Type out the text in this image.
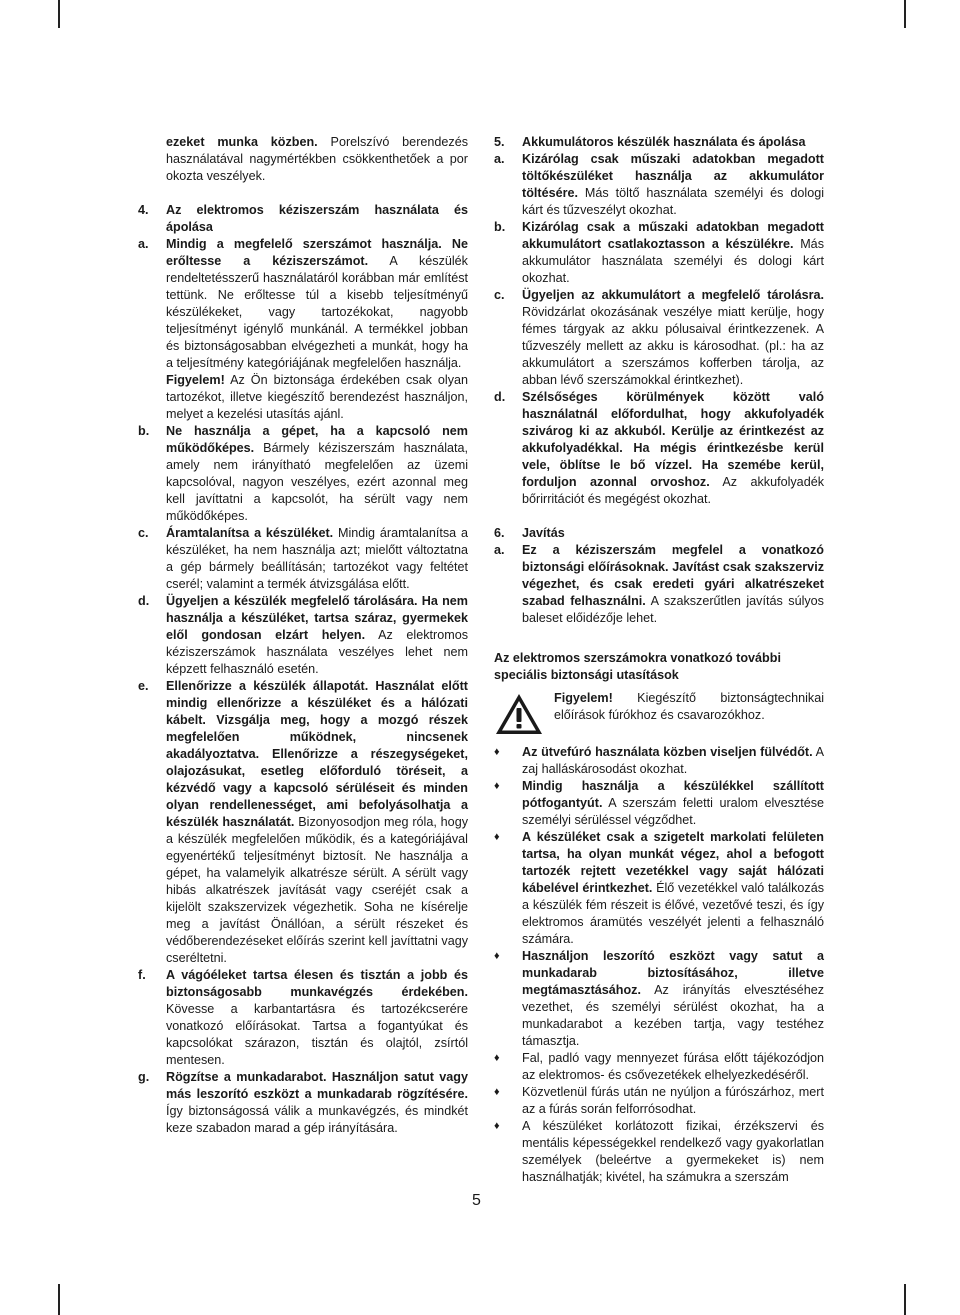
ezeket munka közben. Porelszívó berendezés használatával nagymértékben csökkenthetőek a por okozta veszélyek.
4.	Az elektromos kéziszerszám használata és ápolása
a.	Mindig a megfelelő szerszámot használja. Ne erőltesse a kéziszerszámot. A készülék rendeltetésszerű használatáról korábban már említést tettünk. Ne erőltesse túl a kisebb teljesítményű készülékeket, vagy tartozékokat, nagyobb teljesítményt igénylő munkánál. A termékkel jobban és biztonságosabban elvégezheti a munkát, hogy ha a teljesítmény kategóriájának megfelelően használja.
Figyelem! Az Ön biztonsága érdekében csak olyan tartozékot, illetve kiegészítő berendezést használjon, melyet a kezelési utasítás ajánl.
b.	Ne használja a gépet, ha a kapcsoló nem működőképes. Bármely kéziszerszám használata, amely nem irányítható megfelelően az üzemi kapcsolóval, nagyon veszélyes, ezért azonnal meg kell javíttatni a kapcsolót, ha sérült vagy nem működőképes.
c.	Áramtalanítsa a készüléket. Mindig áramtalanítsa a készüléket, ha nem használja azt; mielőtt változtatna a gép bármely beállításán; tartozékot vagy feltétet cserél; valamint a termék átvizsgálása előtt.
d.	Ügyeljen a készülék megfelelő tárolására. Ha nem használja a készüléket, tartsa száraz, gyermekek elől gondosan elzárt helyen. Az elektromos kéziszerszámok használata veszélyes lehet nem képzett felhasználó esetén.
e.	Ellenőrizze a készülék állapotát. Használat előtt mindig ellenőrizze a készüléket és a hálózati kábelt. Vizsgálja meg, hogy a mozgó részek megfelelően működnek, nincsenek akadályoztatva. Ellenőrizze a részegységeket, olajozásukat, esetleg előforduló töréseit, a kézvédő vagy a kapcsoló sérüléseit és minden olyan rendellenességet, ami befolyásolhatja a készülék használatát. Bizonyosodjon meg róla, hogy a készülék megfelelően működik, és a kategóriájával egyenértékű teljesítményt biztosít. Ne használja a gépet, ha valamelyik alkatrésze sérült. A sérült vagy hibás alkatrészek javítását vagy cseréjét csak a kijelölt szakszervizek végezhetik. Soha ne kísérelje meg a javítást Önállóan, a sérült részeket és védőberendezéseket előírás szerint kell javíttatni vagy cseréltetni.
f.	A vágóéleket tartsa élesen és tisztán a jobb és biztonságosabb munkavégzés érdekében. Kövesse a karbantartásra és tartozékcserére vonatkozó előírásokat. Tartsa a fogantyúkat és kapcsolókat szárazon, tisztán és olajtól, zsírtól mentesen.
g.	Rögzítse a munkadarabot. Használjon satut vagy más leszorító eszközt a munkadarab rögzítésére. Így biztonságossá válik a munkavégzés, és mindkét keze szabadon marad a gép irányítására.
5.	Akkumulátoros készülék használata és ápolása
a.	Kizárólag csak műszaki adatokban megadott töltőkészüléket használja az akkumulátor töltésére. Más töltő használata személyi és dologi kárt és tűzveszélyt okozhat.
b.	Kizárólag csak a műszaki adatokban megadott akkumulátort csatlakoztasson a készülékre. Más akkumulátor használata személyi és dologi kárt okozhat.
c.	Ügyeljen az akkumulátort a megfelelő tárolásra. Rövidzárlat okozásának veszélye miatt kerülje, hogy fémes tárgyak az akku pólusaival érintkezzenek. A tűzveszély mellett az akku is károsodhat. (pl.: ha az akkumulátort a szerszámos kofferben tárolja, az abban lévő szerszámokkal érintkezhet).
d.	Szélsőséges körülmények között való használatnál előfordulhat, hogy akkufolyadék szivárog ki az akkuból. Kerülje az érintkezést az akkufolyadékkal. Ha mégis érintkezésbe kerül vele, öblítse le bő vízzel. Ha szemébe kerül, forduljon azonnal orvoshoz. Az akkufolyadék bőrirritációt és megégést okozhat.
6.	Javítás
a.	Ez a kéziszerszám megfelel a vonatkozó biztonsági előírásoknak. Javítást csak szakszerviz végezhet, és csak eredeti gyári alkatrészeket szabad felhasználni. A szakszerűtlen javítás súlyos baleset előidézője lehet.
Az elektromos szerszámokra vonatkozó további speciális biztonsági utasítások
Figyelem! Kiegészítő biztonságtechnikai előírások fúrókhoz és csavarozókhoz.
♦	Az ütvefúró használata közben viseljen fülvédőt. A zaj halláskárosodást okozhat.
♦	Mindig használja a készülékkel szállított pótfogantyút. A szerszám feletti uralom elvesztése személyi sérüléssel végződhet.
♦	A készüléket csak a szigetelt markolati felületen tartsa, ha olyan munkát végez, ahol a befogott tartozék rejtett vezetékkel vagy saját hálózati kábelével érintkezhet. Élő vezetékkel való találkozás a készülék fém részeit is élővé, vezetővé teszi, és így elektromos áramütés veszélyét jelenti a felhasználó számára.
♦	Használjon leszorító eszközt vagy satut a munkadarab biztosításához, illetve megtámasztásához. Az irányítás elvesztéséhez vezethet, és személyi sérülést okozhat, ha a munkadarabot a kezében tartja, vagy testéhez támasztja.
♦	Fal, padló vagy mennyezet fúrása előtt tájékozódjon az elektromos- és csővezetékek elhelyezkedéséről.
♦	Közvetlenül fúrás után ne nyúljon a fúrószárhoz, mert az a fúrás során felforrósodhat.
♦	A készüléket korlátozott fizikai, érzékszervi és mentális képességekkel rendelkező vagy gyakorlatlan személyek (beleértve a gyermekeket is) nem használhatják; kivétel, ha számukra a szerszám
5
